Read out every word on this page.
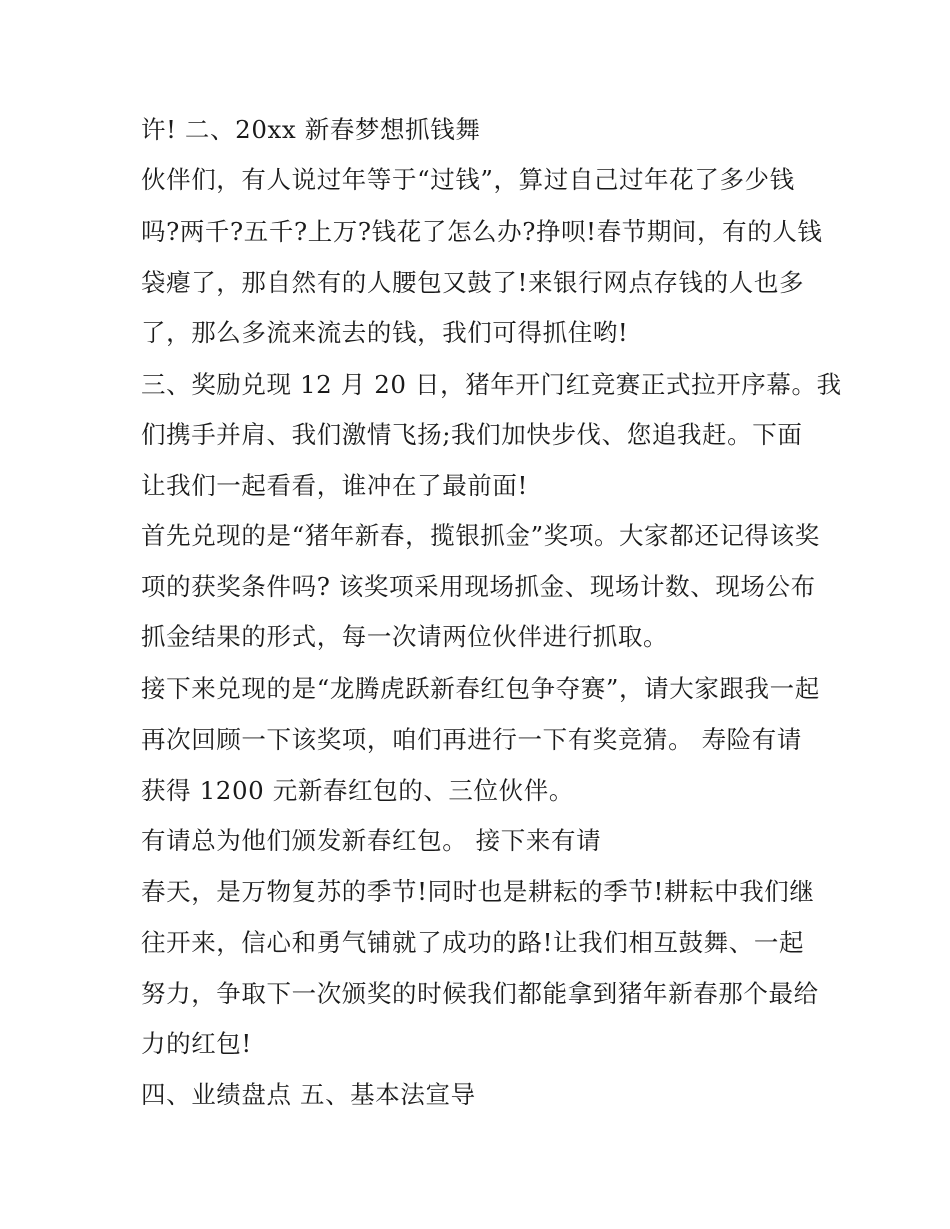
许! 二、20xx 新春梦想抓钱舞
伙伴们，有人说过年等于“过钱”，算过自己过年花了多少钱
吗?两千?五千?上万?钱花了怎么办?挣呗!春节期间，有的人钱
袋瘪了，那自然有的人腰包又鼓了!来银行网点存钱的人也多
了，那么多流来流去的钱，我们可得抓住哟!
三、奖励兑现 12 月 20 日，猪年开门红竞赛正式拉开序幕。我
们携手并肩、我们激情飞扬;我们加快步伐、您追我赶。下面
让我们一起看看，谁冲在了最前面!
首先兑现的是“猪年新春，揽银抓金”奖项。大家都还记得该奖
项的获奖条件吗? 该奖项采用现场抓金、现场计数、现场公布
抓金结果的形式，每一次请两位伙伴进行抓取。
接下来兑现的是“龙腾虎跃新春红包争夺赛”，请大家跟我一起
再次回顾一下该奖项，咱们再进行一下有奖竞猜。 寿险有请
获得 1200 元新春红包的、三位伙伴。
有请总为他们颁发新春红包。 接下来有请
春天，是万物复苏的季节!同时也是耕耘的季节!耕耘中我们继
往开来，信心和勇气铺就了成功的路!让我们相互鼓舞、一起
努力，争取下一次颁奖的时候我们都能拿到猪年新春那个最给
力的红包!
四、业绩盘点 五、基本法宣导
